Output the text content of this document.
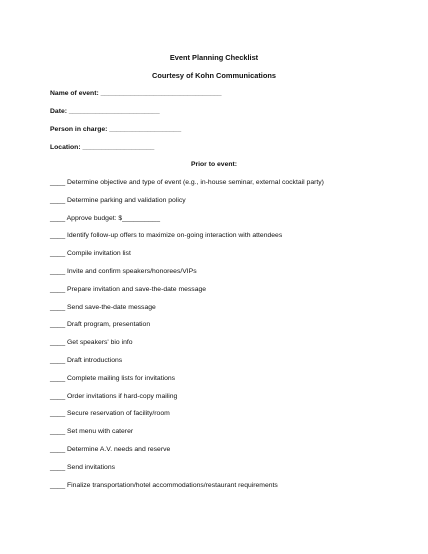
Event Planning Checklist
Courtesy of Kohn Communications
Name of event: ________________________________
Date: ________________________
Person in charge: ___________________
Location: ___________________
Prior to event:
____ Determine objective and type of event (e.g., in-house seminar, external cocktail party)
____ Determine parking and validation policy
____ Approve budget: $__________
____ Identify follow-up offers to maximize on-going interaction with attendees
____ Compile invitation list
____ Invite and confirm speakers/honorees/VIPs
____ Prepare invitation and save-the-date message
____ Send save-the-date message
____ Draft program, presentation
____ Get speakers' bio info
____ Draft introductions
____ Complete mailing lists for invitations
____ Order invitations if hard-copy mailing
____ Secure reservation of facility/room
____ Set menu with caterer
____ Determine A.V. needs and reserve
____ Send invitations
____ Finalize transportation/hotel accommodations/restaurant requirements
